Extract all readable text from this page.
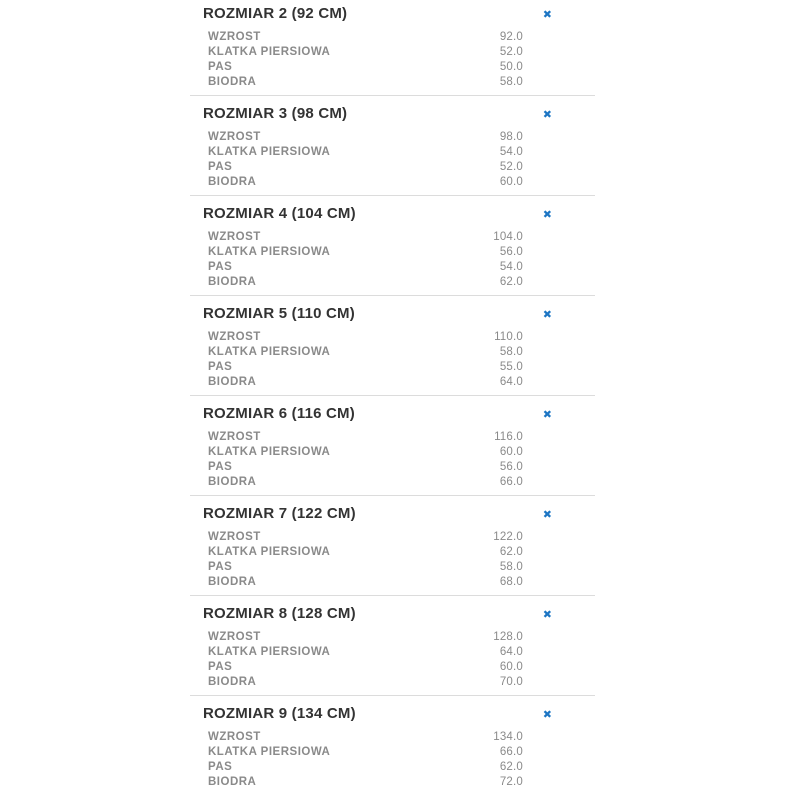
ROZMIAR 2 (92 CM)	✖
WZROST	92.0
KLATKA PIERSIOWA	52.0
PAS	50.0
BIODRA	58.0
ROZMIAR 3 (98 CM)	✖
WZROST	98.0
KLATKA PIERSIOWA	54.0
PAS	52.0
BIODRA	60.0
ROZMIAR 4 (104 CM)	✖
WZROST	104.0
KLATKA PIERSIOWA	56.0
PAS	54.0
BIODRA	62.0
ROZMIAR 5 (110 CM)	✖
WZROST	110.0
KLATKA PIERSIOWA	58.0
PAS	55.0
BIODRA	64.0
ROZMIAR 6 (116 CM)	✖
WZROST	116.0
KLATKA PIERSIOWA	60.0
PAS	56.0
BIODRA	66.0
ROZMIAR 7 (122 CM)	✖
WZROST	122.0
KLATKA PIERSIOWA	62.0
PAS	58.0
BIODRA	68.0
ROZMIAR 8 (128 CM)	✖
WZROST	128.0
KLATKA PIERSIOWA	64.0
PAS	60.0
BIODRA	70.0
ROZMIAR 9 (134 CM)	✖
WZROST	134.0
KLATKA PIERSIOWA	66.0
PAS	62.0
BIODRA	72.0
